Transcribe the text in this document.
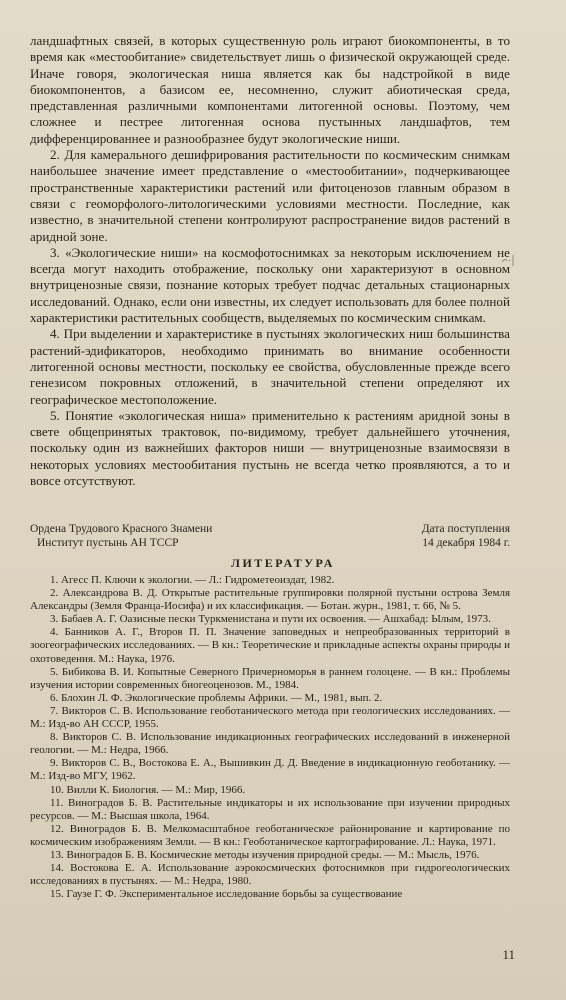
ландшафтных связей, в которых существенную роль играют биокомпоненты, в то время как «местообитание» свидетельствует лишь о физической окружающей среде. Иначе говоря, экологическая ниша является как бы надстройкой в виде биокомпонентов, а базисом ее, несомненно, служит абиотическая среда, представленная различными компонентами литогенной основы. Поэтому, чем сложнее и пестрее литогенная основа пустынных ландшафтов, тем дифференцированнее и разнообразнее будут экологические ниши.

2. Для камерального дешифрирования растительности по космическим снимкам наибольшее значение имеет представление о «местообитании», подчеркивающее пространственные характеристики растений или фитоценозов главным образом в связи с геоморфолого-литологическими условиями местности. Последние, как известно, в значительной степени контролируют распространение видов растений в аридной зоне.

3. «Экологические ниши» на космофотоснимках за некоторым исключением не всегда могут находить отображение, поскольку они характеризуют в основном внутриценозные связи, познание которых требует подчас детальных стационарных исследований. Однако, если они известны, их следует использовать для более полной характеристики растительных сообществ, выделяемых по космическим снимкам.

4. При выделении и характеристике в пустынях экологических ниш большинства растений-эдификаторов, необходимо принимать во внимание особенности литогенной основы местности, поскольку ее свойства, обусловленные прежде всего генезисом покровных отложений, в значительной степени определяют их географическое местоположение.

5. Понятие «экологическая ниша» применительно к растениям аридной зоны в свете общепринятых трактовок, по-видимому, требует дальнейшего уточнения, поскольку один из важнейших факторов ниши — внутриценозные взаимосвязи в некоторых условиях местообитания пустынь не всегда четко проявляются, а то и вовсе отсутствуют.

Ордена Трудового Красного Знамени	Дата поступления
Институт пустынь АН ТССР	14 декабря 1984 г.
ЛИТЕРАТУРА

1. Агесс П. Ключи к экологии. — Л.: Гидрометеоиздат, 1982.

2. Александрова В. Д. Открытые растительные группировки полярной пустыни острова Земля Александры (Земля Франца-Иосифа) и их классификация. — Ботан. журн., 1981, т. 66, № 5.

3. Бабаев А. Г. Оазисные пески Туркменистана и пути их освоения. — Ашхабад: Ылым, 1973.

4. Банников А. Г., Второв П. П. Значение заповедных и непреобразованных территорий в зоогеографических исследованиях. — В кн.: Теоретические и прикладные аспекты охраны природы и охотоведения. М.: Наука, 1976.

5. Бибикова В. И. Копытные Северного Причерноморья в раннем голоцене. — В кн.: Проблемы изучения истории современных биогеоценозов. М., 1984.

6. Блохин Л. Ф. Экологические проблемы Африки. — М., 1981, вып. 2.

7. Викторов С. В. Использование геоботанического метода при геологических исследованиях. — М.: Изд-во АН СССР, 1955.

8. Викторов С. В. Использование индикационных географических исследований в инженерной геологии. — М.: Недра, 1966.

9. Викторов С. В., Востокова Е. А., Вышивкин Д. Д. Введение в индикационную геоботанику. — М.: Изд-во МГУ, 1962.

10. Вилли К. Биология. — М.: Мир, 1966.

11. Виноградов Б. В. Растительные индикаторы и их использование при изучении природных ресурсов. — М.: Высшая школа, 1964.

12. Виноградов Б. В. Мелкомасштабное геоботаническое районирование и картирование по космическим изображениям Земли. — В кн.: Геоботаническое картографирование. Л.: Наука, 1971.

13. Виноградов Б. В. Космические методы изучения природной среды. — М.: Мысль, 1976.

14. Востокова Е. А. Использование аэрокосмических фотоснимков при гидрогеологических исследованиях в пустынях. — М.: Недра, 1980.

15. Гаузе Г. Ф. Экспериментальное исследование борьбы за существование

11
